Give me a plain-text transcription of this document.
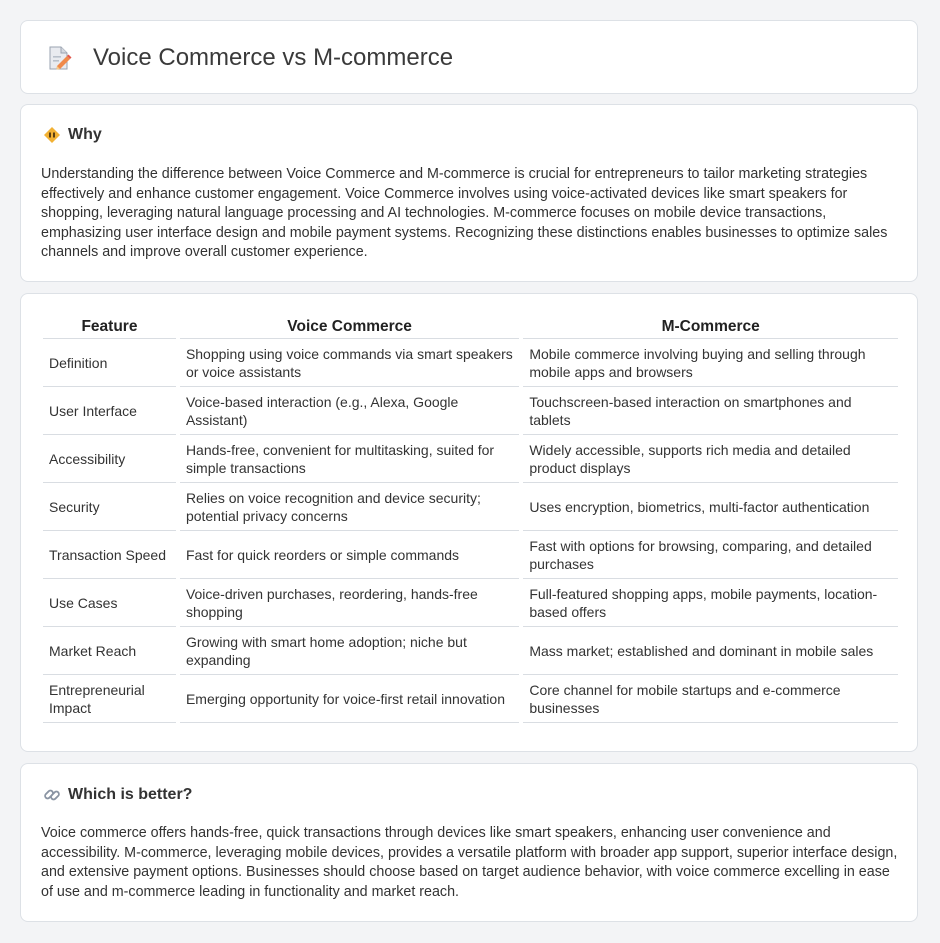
Voice Commerce vs M-commerce
Why

Understanding the difference between Voice Commerce and M-commerce is crucial for entrepreneurs to tailor marketing strategies effectively and enhance customer engagement. Voice Commerce involves using voice-activated devices like smart speakers for shopping, leveraging natural language processing and AI technologies. M-commerce focuses on mobile device transactions, emphasizing user interface design and mobile payment systems. Recognizing these distinctions enables businesses to optimize sales channels and improve overall customer experience.

Feature		Voice Commerce		M-Commerce
Definition		Shopping using voice commands via smart speakers or voice assistants		Mobile commerce involving buying and selling through mobile apps and browsers
User Interface		Voice-based interaction (e.g., Alexa, Google Assistant)		Touchscreen-based interaction on smartphones and tablets
Accessibility		Hands-free, convenient for multitasking, suited for simple transactions		Widely accessible, supports rich media and detailed product displays
Security		Relies on voice recognition and device security; potential privacy concerns		Uses encryption, biometrics, multi-factor authentication
Transaction Speed		Fast for quick reorders or simple commands		Fast with options for browsing, comparing, and detailed purchases
Use Cases		Voice-driven purchases, reordering, hands-free shopping		Full-featured shopping apps, mobile payments, location-based offers
Market Reach		Growing with smart home adoption; niche but expanding		Mass market; established and dominant in mobile sales
Entrepreneurial Impact		Emerging opportunity for voice-first retail innovation		Core channel for mobile startups and e-commerce businesses
Which is better?

Voice commerce offers hands-free, quick transactions through devices like smart speakers, enhancing user convenience and accessibility. M-commerce, leveraging mobile devices, provides a versatile platform with broader app support, superior interface design, and extensive payment options. Businesses should choose based on target audience behavior, with voice commerce excelling in ease of use and m-commerce leading in functionality and market reach.
